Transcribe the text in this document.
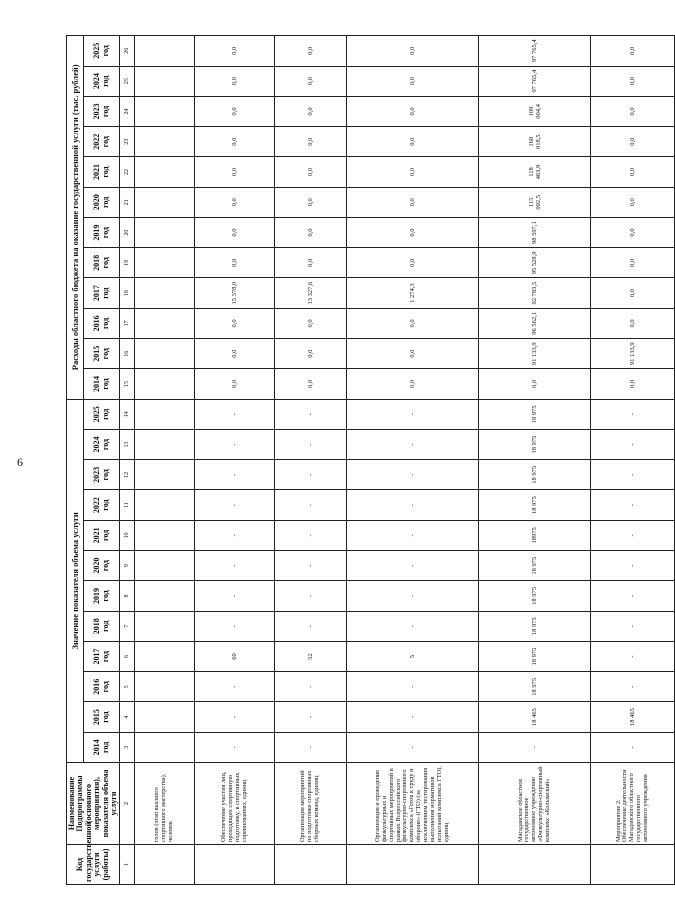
6
Код государственной услуги (работы)	Наименование Подпрограммы (основного мероприятия), показателя объема услуги	Значение показателя объема услуги												Расходы областного бюджета на оказание государственной услуги (тыс. рублей)											
		2014 год	2015 год	2016 год	2017 год	2018 год	2019 год	2020 год	2021 год	2022 год	2023 год	2024 год	2025 год	2014 год	2015 год	2016 год	2017 год	2018 год	2019 год	2020 год	2021 год	2022 год	2023 год	2024 год	2025 год
1	2	3	4	5	6	7	8	9	10	11	12	13	14	15	16	17	18	19	20	21	22	23	24	25	26
	голов (этап высшего спортивного мастерства), человек																								
	Обеспечение участия лиц, проходящих спортивную подготовку, в спортивных соревнованиях, единиц	-	-	-	60	-	-	-	-	-	-	-	-	0,0	0,0	0,0	15 378,0	0,0	0,0	0,0	0,0	0,0	0,0	0,0	0,0
	Организация мероприятий по подготовке спортивных сборных команд, единиц	-	-	-	52	-	-	-	-	-	-	-	-	0,0	0,0	0,0	13 327,6	0,0	0,0	0,0	0,0	0,0	0,0	0,0	0,0
	Организация и проведение физкультурных и спортивных мероприятий в рамках Всероссийского физкультурно-спортивного комплекса «Готов к труду и обороне» (ГТО) (за исключением тестирования выполнения нормативов испытаний комплекса ГТО), единиц	-	-	-	5	-	-	-	-	-	-	-	-	0,0	0,0	0,0	1 274,3	0,0	0,0	0,0	0,0	0,0	0,0	0,0	0,0
	Магаданское областное государственное автономное учреждение «Физкультурно-спортивный комплекс «Колымский»	-	18 465	18 975	18 975	18 975	18 975	18 975	18975	18 975	18 975	18 975	18 975	0,0	91 133,9	96 562,1	92 783,5	95 528,9	98 597,1	115 092,5	118 463,9	168 018,5	109 004,4	97 765,4	97 765,4
	Мероприятие 2. Обеспечение деятельности Магаданского областного государственного автономного учреждения	-	18 465	-	-	-	-	-	-	-	-	-	-	0,0	91 133,9	0,0	0,0	0,0	0,0	0,0	0,0	0,0	0,0	0,0	0,0
